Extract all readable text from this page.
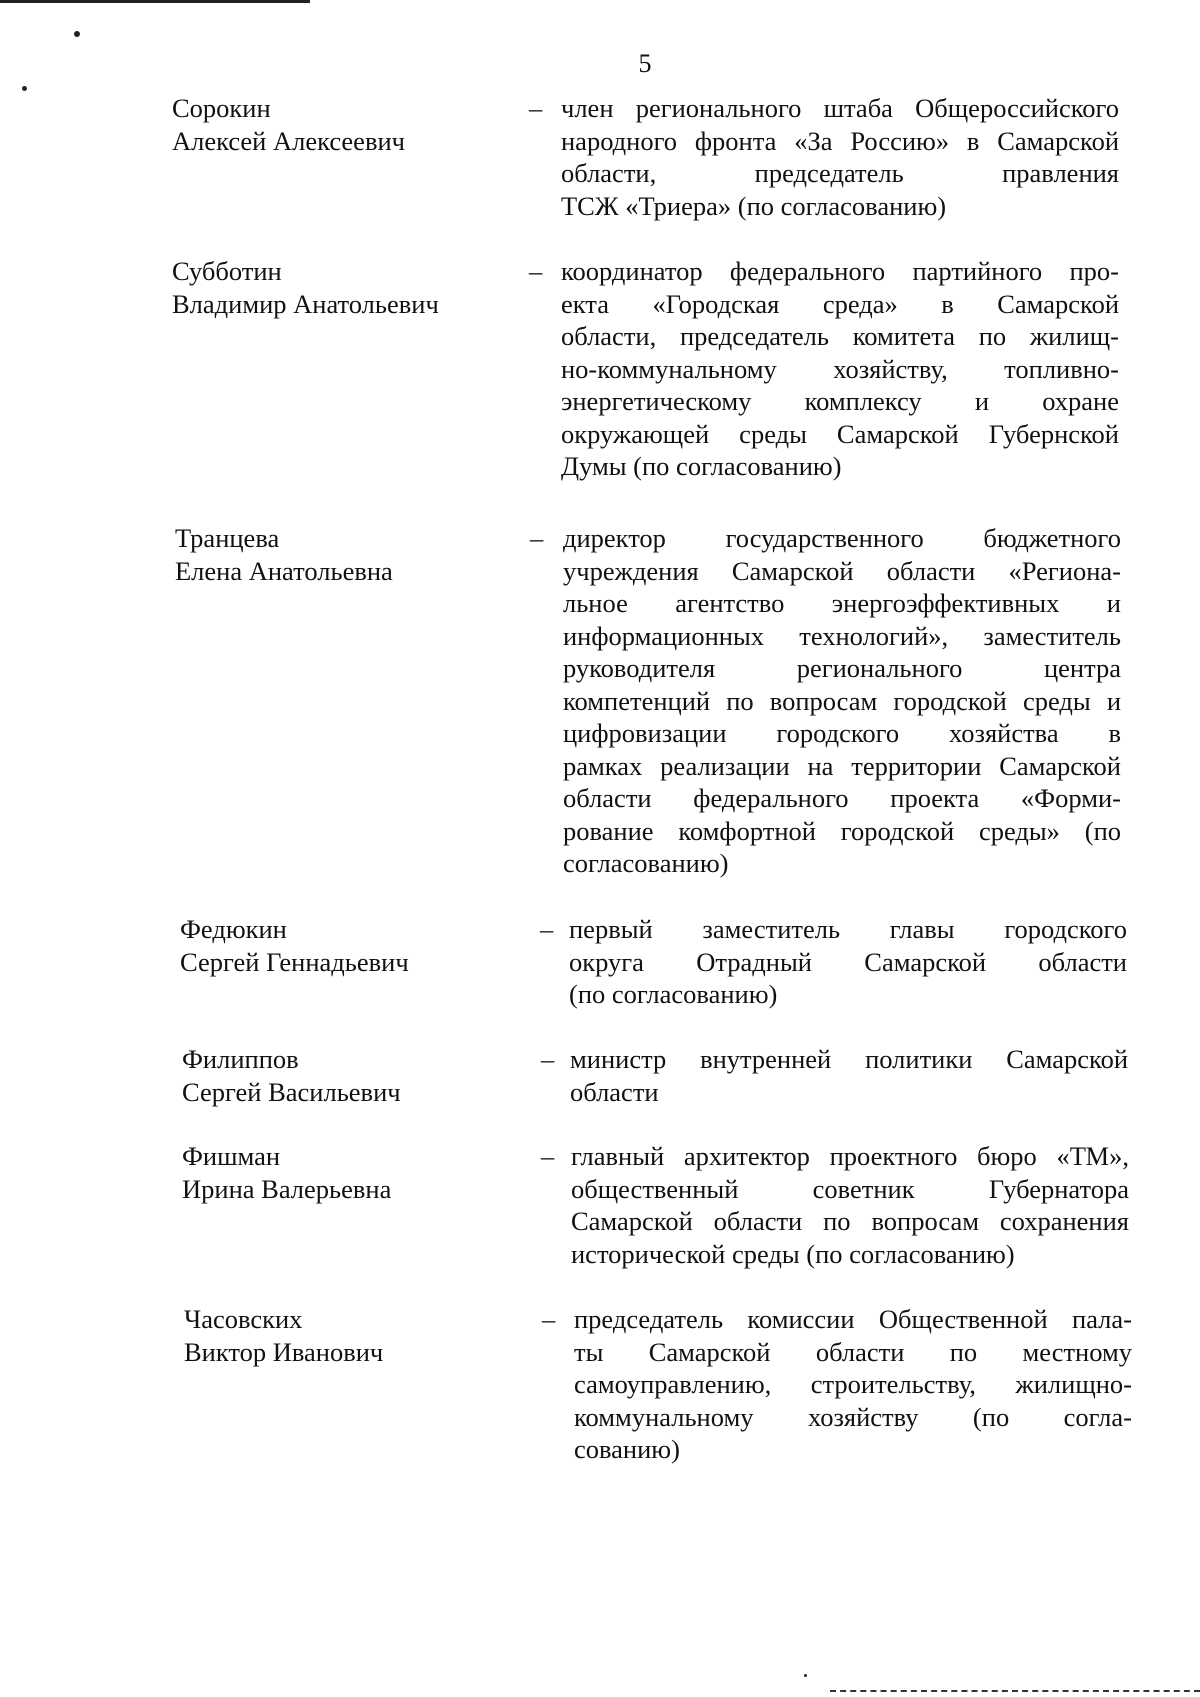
5
Сорокин
Алексей Алексеевич
– член регионального штаба Общероссийского
народного фронта «За Россию» в Самарской
области, председатель правления
ТСЖ «Триера» (по согласованию)
Субботин
Владимир Анатольевич
– координатор федерального партийного про-
екта «Городская среда» в Самарской
области, председатель комитета по жилищ-
но-коммунальному хозяйству, топливно-
энергетическому комплексу и охране
окружающей среды Самарской Губернской
Думы (по согласованию)
Транцева
Елена Анатольевна
– директор государственного бюджетного
учреждения Самарской области «Региона-
льное агентство энергоэффективных и
информационных технологий», заместитель
руководителя регионального центра
компетенций по вопросам городской среды и
цифровизации городского хозяйства в
рамках реализации на территории Самарской
области федерального проекта «Форми-
рование комфортной городской среды» (по
согласованию)
Федюкин
Сергей Геннадьевич
– первый заместитель главы городского
округа Отрадный Самарской области
(по согласованию)
Филиппов
Сергей Васильевич
– министр внутренней политики Самарской
области
Фишман
Ирина Валерьевна
– главный архитектор проектного бюро «ТМ»,
общественный советник Губернатора
Самарской области по вопросам сохранения
исторической среды (по согласованию)
Часовских
Виктор Иванович
– председатель комиссии Общественной пала-
ты Самарской области по местному
самоуправлению, строительству, жилищно-
коммунальному хозяйству (по согла-
сованию)
